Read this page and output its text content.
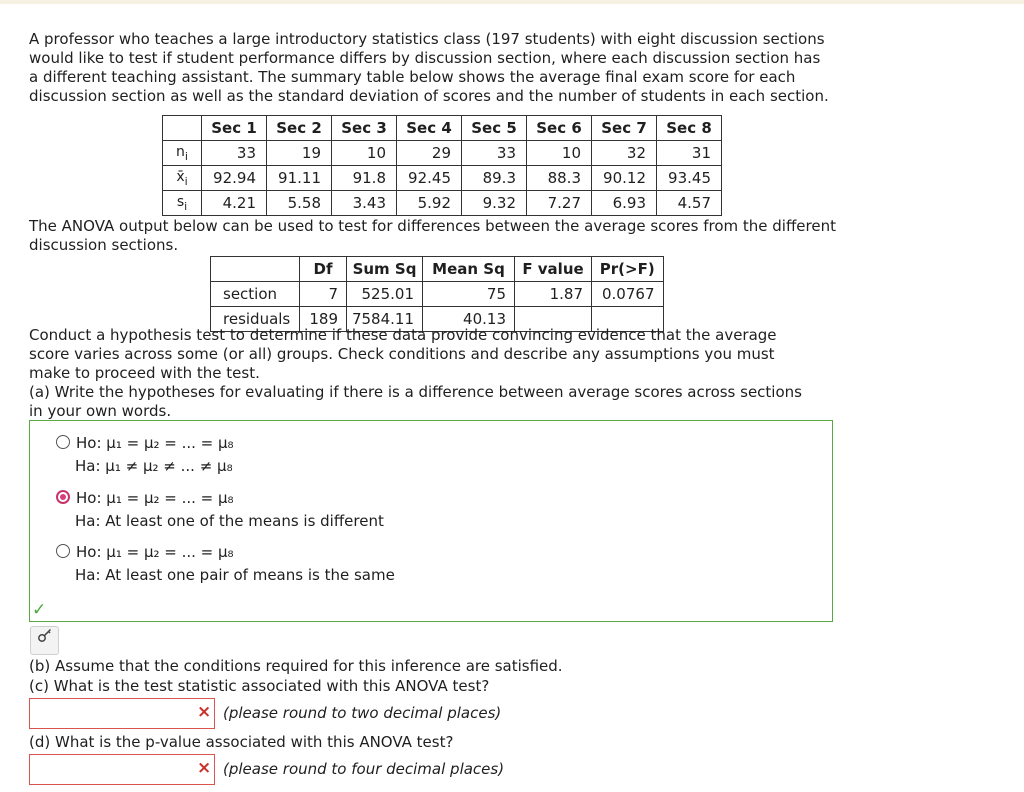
A professor who teaches a large introductory statistics class (197 students) with eight discussion sections would like to test if student performance differs by discussion section, where each discussion section has a different teaching assistant. The summary table below shows the average final exam score for each discussion section as well as the standard deviation of scores and the number of students in each section.
	Sec 1	Sec 2	Sec 3	Sec 4	Sec 5	Sec 6	Sec 7	Sec 8
$n_i$	33	19	10	29	33	10	32	31
$x̄_i$	92.94	91.11	91.8	92.45	89.3	88.3	90.12	93.45
$s_i$	4.21	5.58	3.43	5.92	9.32	7.27	6.93	4.57
The ANOVA output below can be used to test for differences between the average scores from the different discussion sections.
	Df	Sum Sq	Mean Sq	F value	Pr(>F)
section	7	525.01	75	1.87	0.0767
residuals	189	7584.11	40.13		
Conduct a hypothesis test to determine if these data provide convincing evidence that the average score varies across some (or all) groups. Check conditions and describe any assumptions you must make to proceed with the test.
(a) Write the hypotheses for evaluating if there is a difference between average scores across sections in your own words.
Ho: μ₁ = μ₂ = ... = μ₈
Ha: μ₁ ≠ μ₂ ≠ ... ≠ μ₈
Ho: μ₁ = μ₂ = ... = μ₈
Ha: At least one of the means is different
Ho: μ₁ = μ₂ = ... = μ₈
Ha: At least one pair of means is the same
✓
(b) Assume that the conditions required for this inference are satisfied.
(c) What is the test statistic associated with this ANOVA test?
× (please round to two decimal places)
(d) What is the p-value associated with this ANOVA test?
× (please round to four decimal places)
